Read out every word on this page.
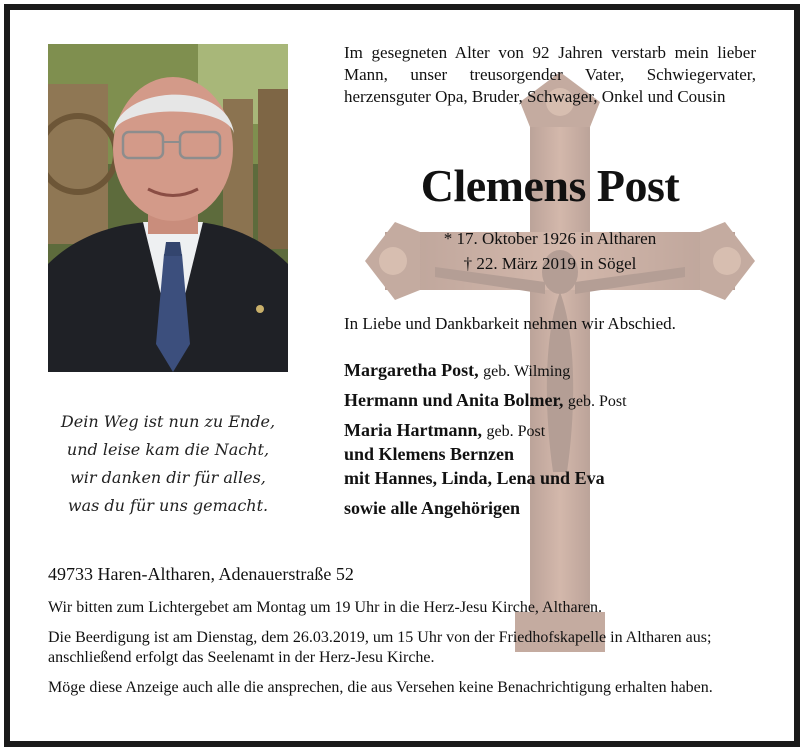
Im gesegneten Alter von 92 Jahren verstarb mein lieber Mann, unser treusorgender Vater, Schwiegervater, herzensguter Opa, Bruder, Schwager, Onkel und Cousin
Clemens Post
* 17. Oktober 1926 in Altharen
† 22. März 2019 in Sögel
In Liebe und Dankbarkeit nehmen wir Abschied.
Margaretha Post, geb. Wilming
Hermann und Anita Bolmer, geb. Post
Maria Hartmann, geb. Post
und Klemens Bernzen
mit Hannes, Linda, Lena und Eva
sowie alle Angehörigen
Dein Weg ist nun zu Ende,
und leise kam die Nacht,
wir danken dir für alles,
was du für uns gemacht.
49733 Haren-Altharen, Adenauerstraße 52
Wir bitten zum Lichtergebet am Montag um 19 Uhr in die Herz-Jesu Kirche, Altharen.
Die Beerdigung ist am Dienstag, dem 26.03.2019, um 15 Uhr von der Friedhofskapelle in Altharen aus; anschließend erfolgt das Seelenamt in der Herz-Jesu Kirche.
Möge diese Anzeige auch alle die ansprechen, die aus Versehen keine Benachrichtigung erhalten haben.
